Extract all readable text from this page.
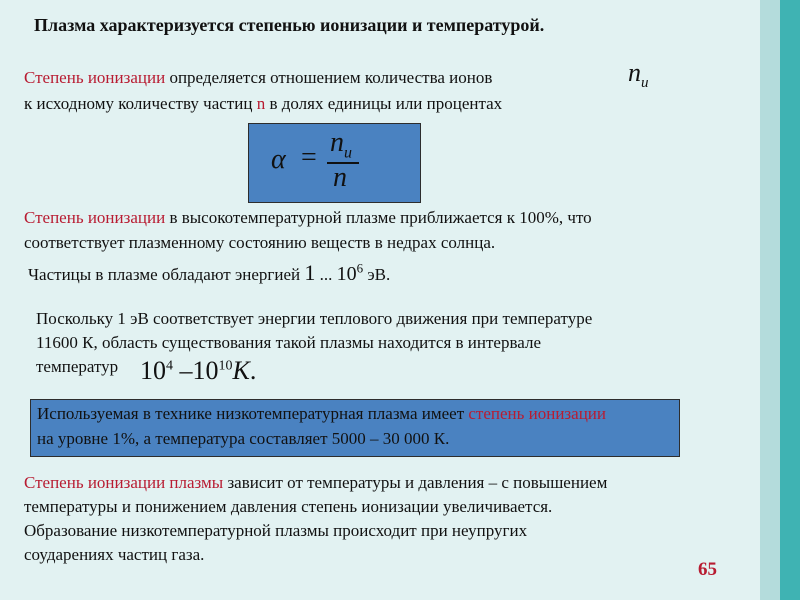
Плазма характеризуется степенью ионизации и температурой.
Степень ионизации определяется отношением количества ионов
к исходному количеству частиц n в долях единицы или процентах
$n_и$
$\alpha = n_и$
n
Степень ионизации в высокотемпературной плазме приближается к 100%, что
соответствует плазменному состоянию веществ в недрах солнца.
Частицы в плазме обладают энергией 1 ... $10^6$ эВ.
Поскольку 1 эВ соответствует энергии теплового движения при температуре
11600 К, область существования такой плазмы находится в интервале
температур $10^4$ $-10^{10}K$.
Используемая в технике низкотемпературная плазма имеет степень ионизации
на уровне 1%, а температура составляет 5000 – 30 000 К.
Степень ионизации плазмы зависит от температуры и давления – с повышением
температуры и понижением давления степень ионизации увеличивается.
Образование низкотемпературной плазмы происходит при неупругих
соударениях частиц газа.
65
